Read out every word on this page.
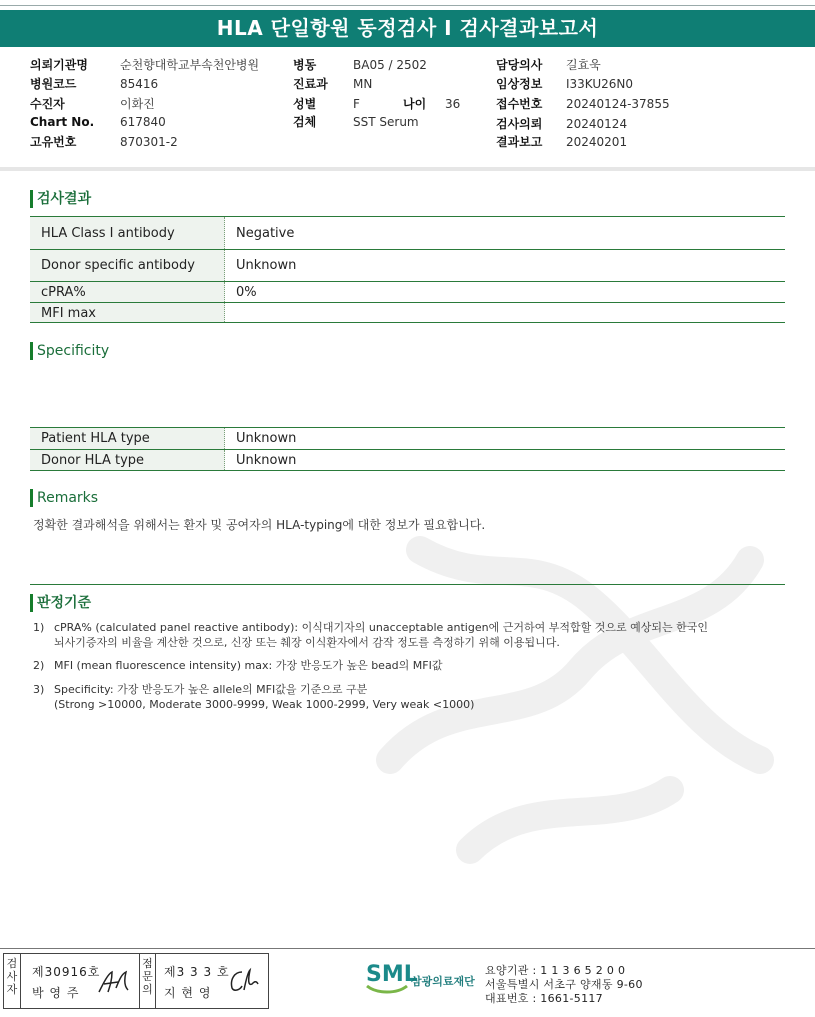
HLA 단일항원 동정검사 I 검사결과보고서
의뢰기관명	순천향대학교부속천안병원
병원코드	85416
수진자	이화진
Chart No. 617840
고유번호	870301-2
병동	BA05 / 2502
진료과 MN
성별	F	나이 36
검체	SST Serum
담당의사 길효욱
임상정보 I33KU26N0
접수번호 20240124-37855
검사의뢰 20240124
결과보고 20240201
검사결과
HLA Class I antibody	Negative
Donor specific antibody	Unknown
cPRA%	0%
MFI max
Specificity
Patient HLA type	Unknown
Donor HLA type	Unknown
Remarks
정확한 결과해석을 위해서는 환자 및 공여자의 HLA-typing에 대한 정보가 필요합니다.
판정기준
1) cPRA% (calculated panel reactive antibody): 이식대기자의 unacceptable antigen에 근거하여 부적합할 것으로 예상되는 한국인
뇌사기증자의 비율을 계산한 것으로, 신장 또는 췌장 이식환자에서 감작 정도를 측정하기 위해 이용됩니다.
2) MFI (mean fluorescence intensity) max: 가장 반응도가 높은 bead의 MFI값
3) Specificity: 가장 반응도가 높은 allele의 MFI값을 기준으로 구분
(Strong >10000, Moderate 3000-9999, Weak 1000-2999, Very weak <1000)
검
사
자
제30916호
박 영 주
점
문
의
제3 3 3 호
지 현 영
SML
삼광의료재단
요양기관 : 1 1 3 6 5 2 0 0
서울특별시 서초구 양재동 9-60
대표번호 : 1661-5117
